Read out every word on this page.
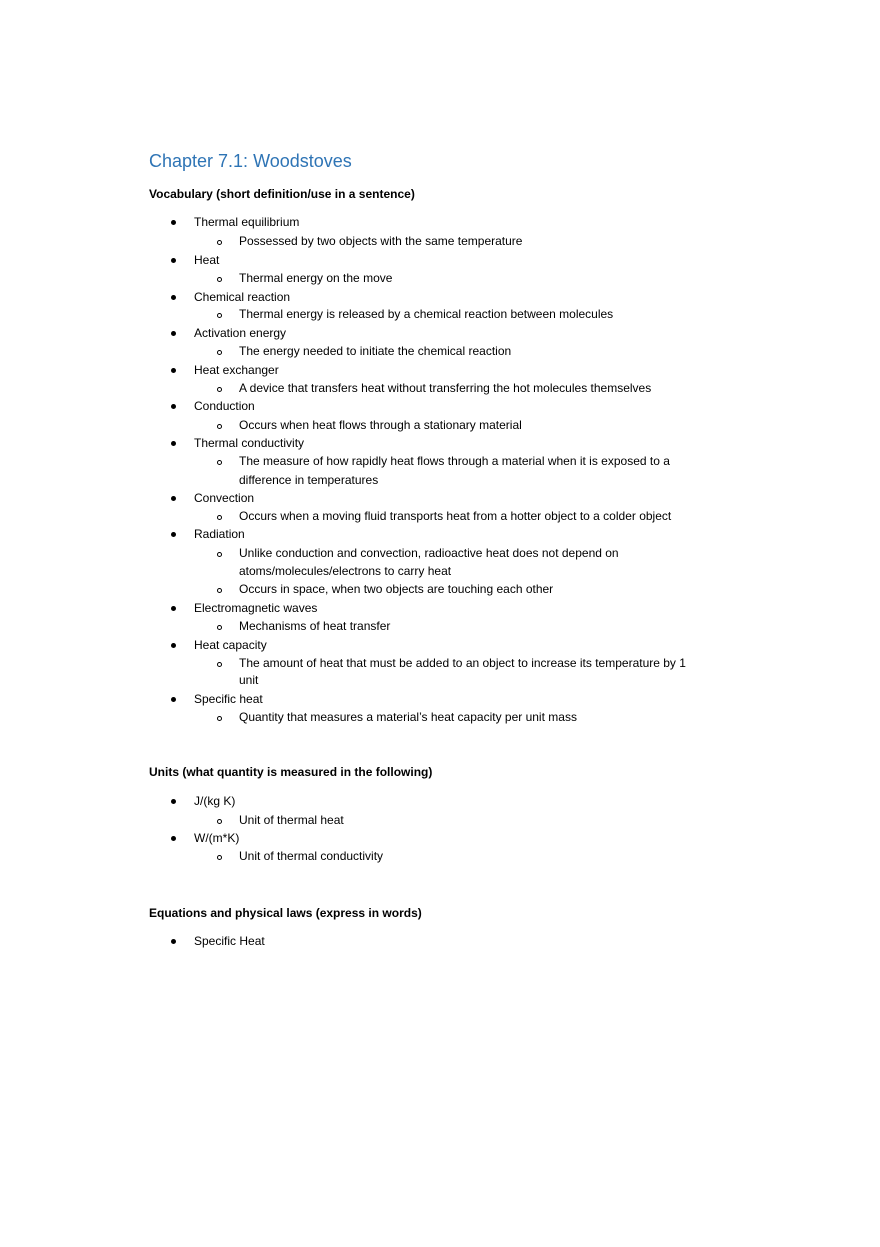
Chapter 7.1: Woodstoves
Vocabulary (short definition/use in a sentence)
Thermal equilibrium
Possessed by two objects with the same temperature
Heat
Thermal energy on the move
Chemical reaction
Thermal energy is released by a chemical reaction between molecules
Activation energy
The energy needed to initiate the chemical reaction
Heat exchanger
A device that transfers heat without transferring the hot molecules themselves
Conduction
Occurs when heat flows through a stationary material
Thermal conductivity
The measure of how rapidly heat flows through a material when it is exposed to a
difference in temperatures
Convection
Occurs when a moving fluid transports heat from a hotter object to a colder object
Radiation
Unlike conduction and convection, radioactive heat does not depend on
atoms/molecules/electrons to carry heat
Occurs in space, when two objects are touching each other
Electromagnetic waves
Mechanisms of heat transfer
Heat capacity
The amount of heat that must be added to an object to increase its temperature by 1
unit
Specific heat
Quantity that measures a material’s heat capacity per unit mass
Units (what quantity is measured in the following)
J/(kg K)
Unit of thermal heat
W/(m*K)
Unit of thermal conductivity
Equations and physical laws (express in words)
Specific Heat
